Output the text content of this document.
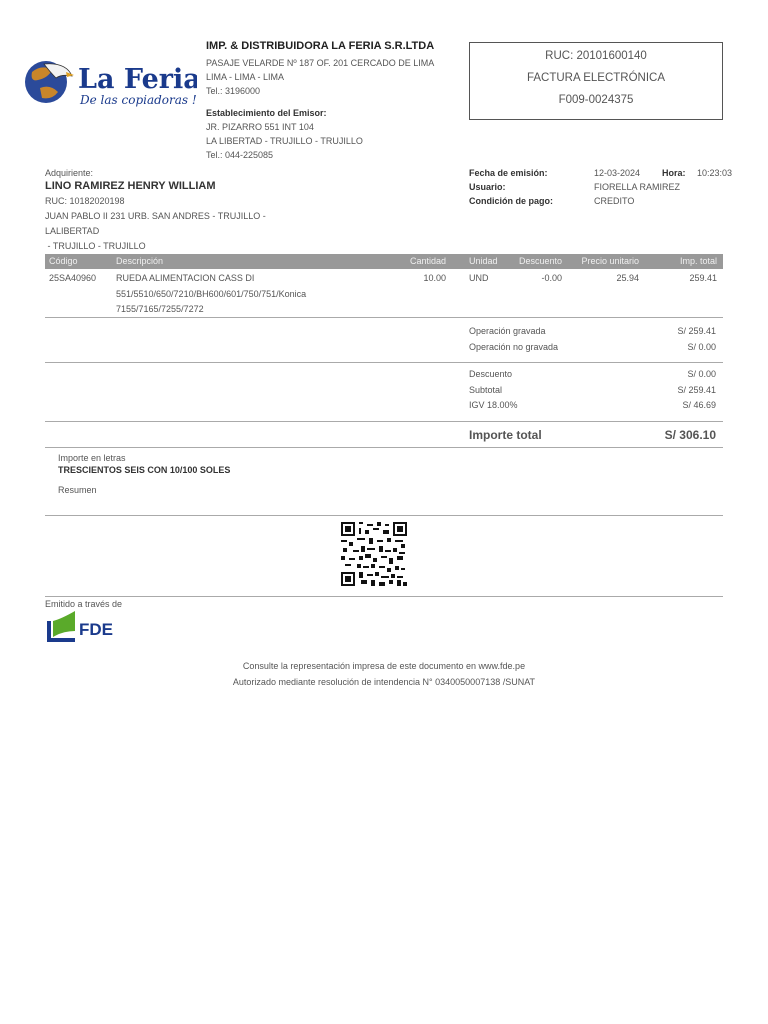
La Feria
De las copiadoras !!!
IMP. & DISTRIBUIDORA LA FERIA S.R.LTDA
PASAJE VELARDE Nº 187 OF. 201 CERCADO DE LIMA
LIMA - LIMA - LIMA
Tel.: 3196000
Establecimiento del Emisor:
JR. PIZARRO 551 INT 104
LA LIBERTAD - TRUJILLO - TRUJILLO
Tel.: 044-225085
RUC: 20101600140
FACTURA ELECTRÓNICA
F009-0024375
Adquiriente:
LINO RAMIREZ HENRY WILLIAM
RUC: 10182020198
JUAN PABLO II 231 URB. SAN ANDRES - TRUJILLO -
LALIBERTAD
- TRUJILLO - TRUJILLO
Fecha de emisión:	12-03-2024 Hora: 10:23:03
Usuario:	FIORELLA RAMIREZ
Condición de pago:	CREDITO
Código	Descripción	Cantidad	Unidad Descuento Precio unitario	Imp. total
25SA40960 RUEDA ALIMENTACION CASS DI
551/5510/650/7210/BH600/601/750/751/Konica
7155/7165/7255/7272
10.00	UND	-0.00	25.94	259.41
Operación gravada	S/ 259.41
Operación no gravada	S/ 0.00
Descuento	S/ 0.00
Subtotal	S/ 259.41
IGV 18.00%	S/ 46.69
Importe total	S/ 306.10
Importe en letras
TRESCIENTOS SEIS CON 10/100 SOLES
Resumen
Emitido a través de
FDE
Consulte la representación impresa de este documento en www.fde.pe
Autorizado mediante resolución de intendencia N° 0340050007138 /SUNAT
